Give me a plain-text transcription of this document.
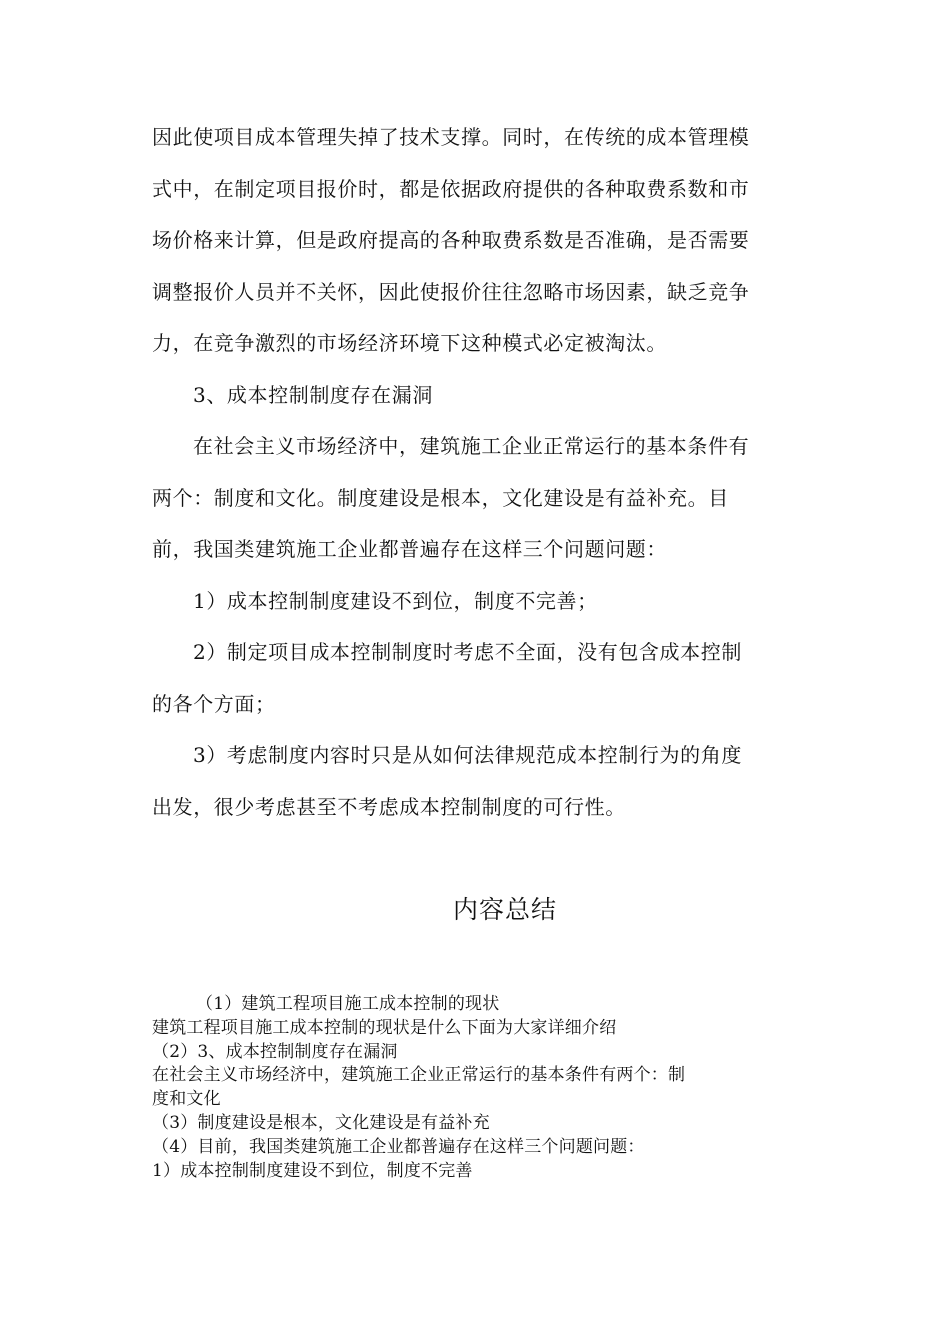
因此使项目成本管理失掉了技术支撑。同时，在传统的成本管理模
式中，在制定项目报价时，都是依据政府提供的各种取费系数和市
场价格来计算，但是政府提高的各种取费系数是否准确，是否需要
调整报价人员并不关怀，因此使报价往往忽略市场因素，缺乏竞争
力，在竞争激烈的市场经济环境下这种模式必定被淘汰。
3、成本控制制度存在漏洞
在社会主义市场经济中，建筑施工企业正常运行的基本条件有
两个：制度和文化。制度建设是根本，文化建设是有益补充。目
前，我国类建筑施工企业都普遍存在这样三个问题问题：
1）成本控制制度建设不到位，制度不完善；
2）制定项目成本控制制度时考虑不全面，没有包含成本控制
的各个方面；
3）考虑制度内容时只是从如何法律规范成本控制行为的角度
出发，很少考虑甚至不考虑成本控制制度的可行性。
内容总结
（1）建筑工程项目施工成本控制的现状
建筑工程项目施工成本控制的现状是什么下面为大家详细介绍
（2）3、成本控制制度存在漏洞
在社会主义市场经济中，建筑施工企业正常运行的基本条件有两个：制
度和文化
（3）制度建设是根本，文化建设是有益补充
（4）目前，我国类建筑施工企业都普遍存在这样三个问题问题：
1）成本控制制度建设不到位，制度不完善
